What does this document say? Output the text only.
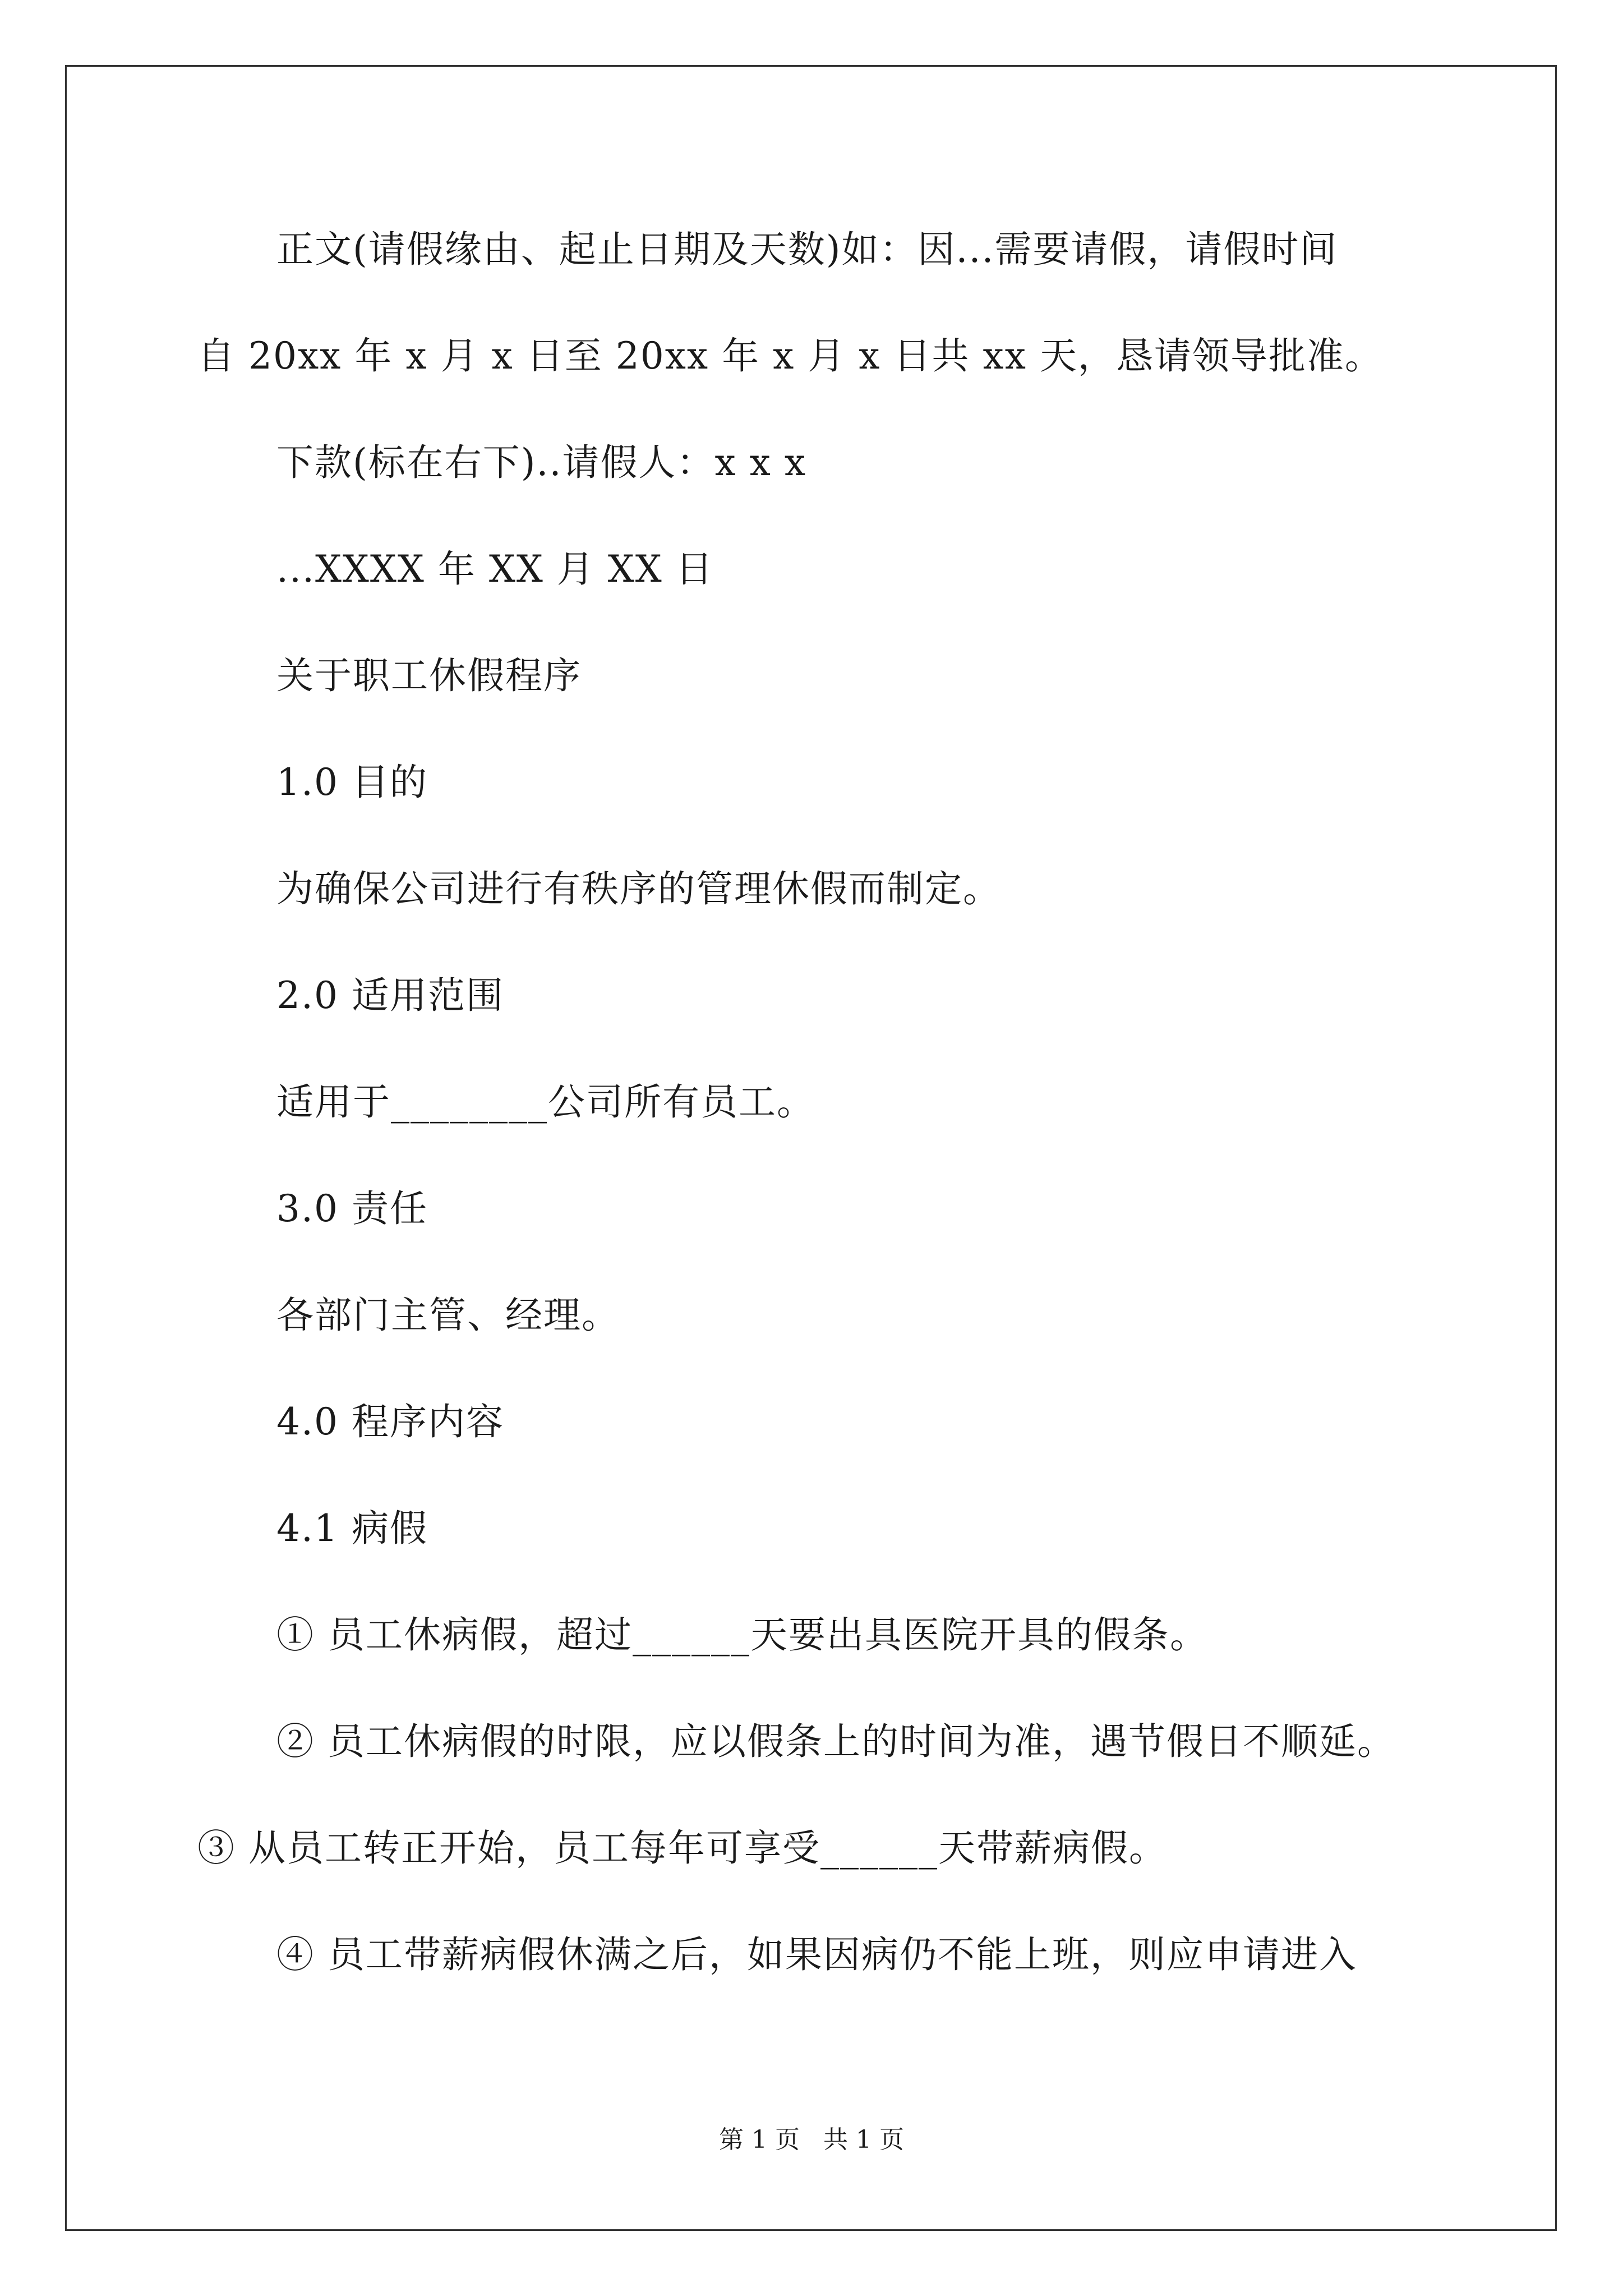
正文(请假缘由、起止日期及天数)如：因...需要请假，请假时间
自 20xx 年 x 月 x 日至 20xx 年 x 月 x 日共 xx 天，恳请领导批准。
下款(标在右下)..请假人：x x x
...XXXX 年 XX 月 XX 日
关于职工休假程序
1.0 目的
为确保公司进行有秩序的管理休假而制定。
2.0 适用范围
适用于________公司所有员工。
3.0 责任
各部门主管、经理。
4.0 程序内容
4.1 病假
① 员工休病假，超过______天要出具医院开具的假条。
② 员工休病假的时限，应以假条上的时间为准，遇节假日不顺延。
③ 从员工转正开始，员工每年可享受______天带薪病假。
④ 员工带薪病假休满之后，如果因病仍不能上班，则应申请进入
第 1 页   共 1 页
